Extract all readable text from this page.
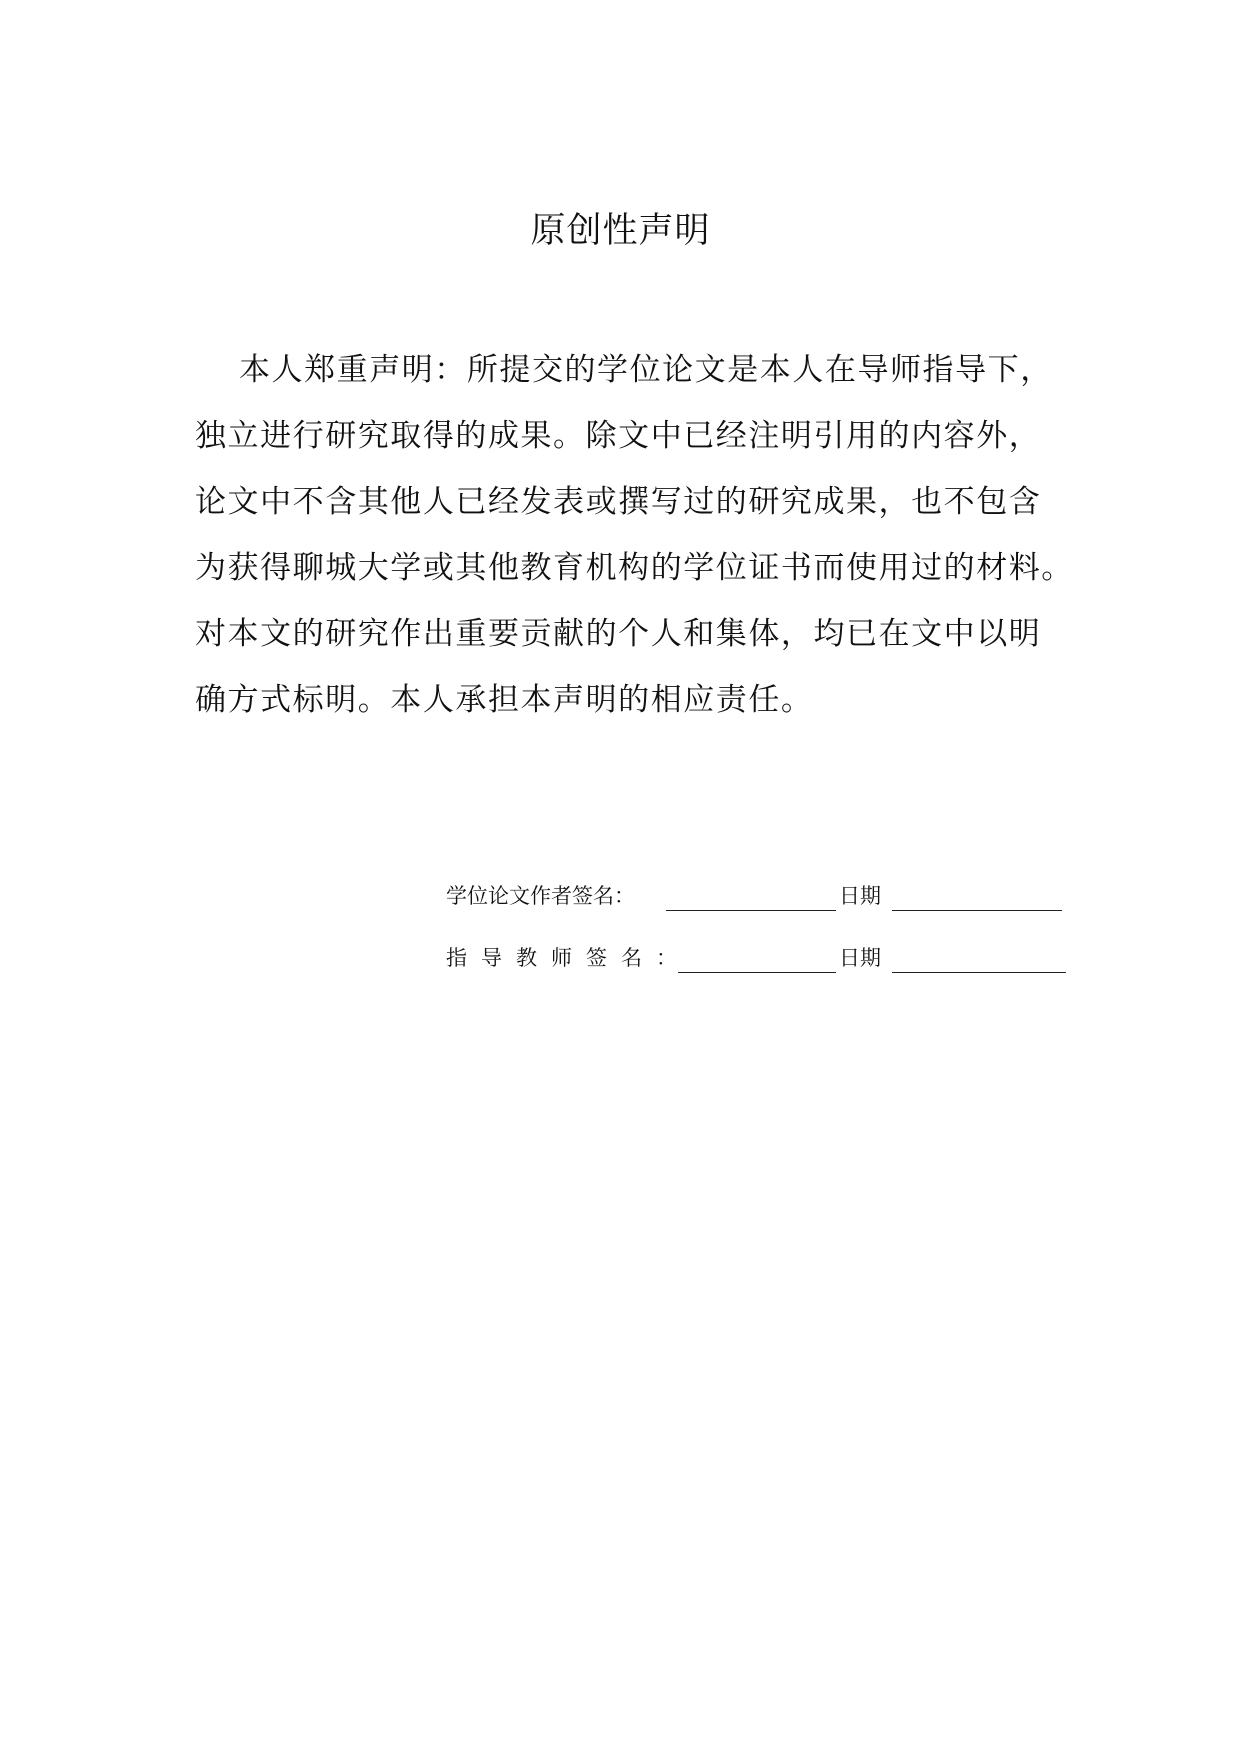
原创性声明
本人郑重声明：所提交的学位论文是本人在导师指导下，
独立进行研究取得的成果。除文中已经注明引用的内容外，
论文中不含其他人已经发表或撰写过的研究成果，也不包含
为获得聊城大学或其他教育机构的学位证书而使用过的材料。
对本文的研究作出重要贡献的个人和集体，均已在文中以明
确方式标明。本人承担本声明的相应责任。
学位论文作者签名：	日期
指导教师签名：	日期
